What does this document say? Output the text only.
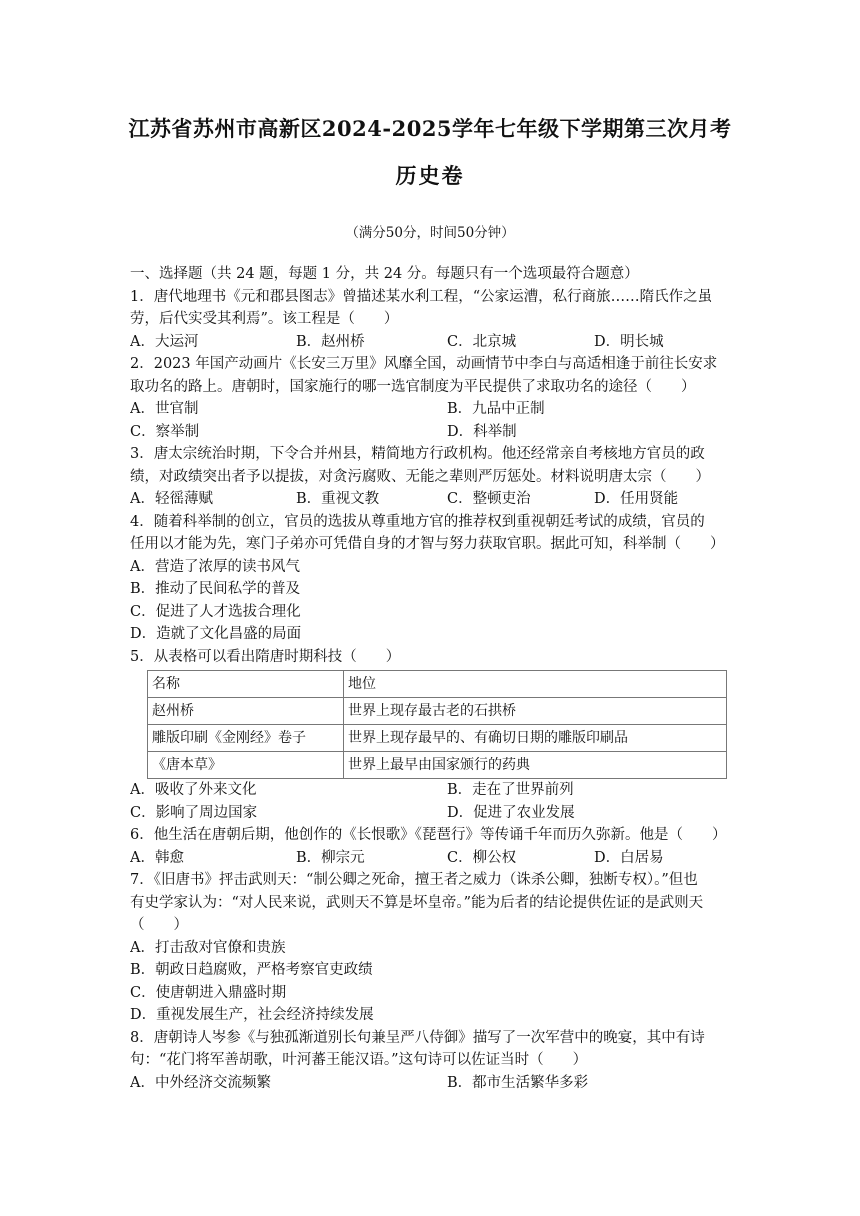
江苏省苏州市高新区2024-2025学年七年级下学期第三次月考
历史卷
（满分50分，时间50分钟）
一、选择题（共 24 题，每题 1 分，共 24 分。每题只有一个选项最符合题意）
1．唐代地理书《元和郡县图志》曾描述某水利工程，“公家运漕，私行商旅……隋氏作之虽
劳，后代实受其利焉”。该工程是（　　）
A．大运河	B．赵州桥	C．北京城	D．明长城
2．2023 年国产动画片《长安三万里》风靡全国，动画情节中李白与高适相逢于前往长安求
取功名的路上。唐朝时，国家施行的哪一选官制度为平民提供了求取功名的途径（　　）
A．世官制	B．九品中正制
C．察举制	D．科举制
3．唐太宗统治时期，下令合并州县，精简地方行政机构。他还经常亲自考核地方官员的政
绩，对政绩突出者予以提拔，对贪污腐败、无能之辈则严厉惩处。材料说明唐太宗（　　）
A．轻徭薄赋	B．重视文教	C．整顿吏治	D．任用贤能
4．随着科举制的创立，官员的选拔从尊重地方官的推荐权到重视朝廷考试的成绩，官员的
任用以才能为先，寒门子弟亦可凭借自身的才智与努力获取官职。据此可知，科举制（　　）
A．营造了浓厚的读书风气
B．推动了民间私学的普及
C．促进了人才选拔合理化
D．造就了文化昌盛的局面
5．从表格可以看出隋唐时期科技（　　）
名称	地位
赵州桥	世界上现存最古老的石拱桥
雕版印刷《金刚经》卷子	世界上现存最早的、有确切日期的雕版印刷品
《唐本草》	世界上最早由国家颁行的药典
A．吸收了外来文化	B．走在了世界前列
C．影响了周边国家	D．促进了农业发展
6．他生活在唐朝后期，他创作的《长恨歌》《琵琶行》等传诵千年而历久弥新。他是（　　）
A．韩愈	B．柳宗元	C．柳公权	D．白居易
7．《旧唐书》抨击武则天：“制公卿之死命，擅王者之威力（诛杀公卿，独断专权）。”但也
有史学家认为：“对人民来说，武则天不算是坏皇帝。”能为后者的结论提供佐证的是武则天
（　　）
A．打击敌对官僚和贵族
B．朝政日趋腐败，严格考察官吏政绩
C．使唐朝进入鼎盛时期
D．重视发展生产，社会经济持续发展
8．唐朝诗人岑参《与独孤渐道别长句兼呈严八侍御》描写了一次军营中的晚宴，其中有诗
句：“花门将军善胡歌，叶河蕃王能汉语。”这句诗可以佐证当时（　　）
A．中外经济交流频繁	B．都市生活繁华多彩
